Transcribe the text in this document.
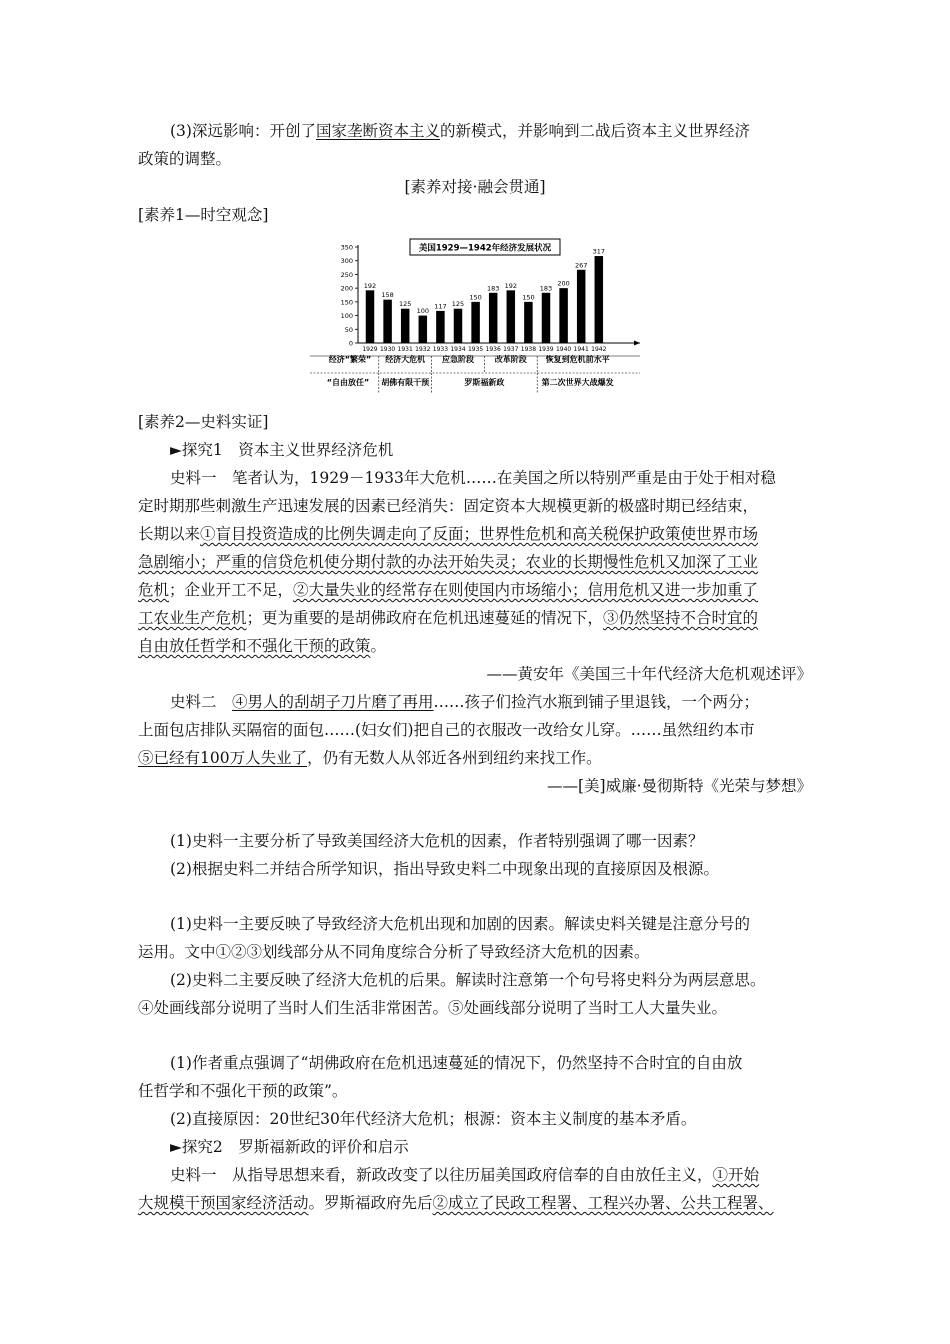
(3)深远影响：开创了国家垄断资本主义的新模式，并影响到二战后资本主义世界经济
政策的调整。
[素养对接·融会贯通]
[素养1—时空观念]
0
50
100
150
200
250
300
350
192
1929
158
1930
125
1931
100
1932
117
1933
125
1934
150
1935
183
1936
192
1937
150
1938
183
1939
200
1940
267
1941
317
1942
美国1929—1942年经济发展状况
经济“繁荣” 经济大危机 应急阶段	改革阶段 恢复到危机前水平
“自由放任” 胡佛有限干预	罗斯福新政	第二次世界大战爆发
[素养2—史料实证]
►探究1　资本主义世界经济危机
史料一　笔者认为，1929－1933年大危机……在美国之所以特别严重是由于处于相对稳
定时期那些刺激生产迅速发展的因素已经消失：固定资本大规模更新的极盛时期已经结束，
长期以来①盲目投资造成的比例失调走向了反面；世界性危机和高关税保护政策使世界市场
急剧缩小；严重的信贷危机使分期付款的办法开始失灵；农业的长期慢性危机又加深了工业
危机；企业开工不足，②大量失业的经常存在则使国内市场缩小；信用危机又进一步加重了
工农业生产危机；更为重要的是胡佛政府在危机迅速蔓延的情况下，③仍然坚持不合时宜的
自由放任哲学和不强化干预的政策。
——黄安年《美国三十年代经济大危机观述评》
史料二　④男人的刮胡子刀片磨了再用……孩子们捡汽水瓶到铺子里退钱，一个两分；
上面包店排队买隔宿的面包……(妇女们)把自己的衣服改一改给女儿穿。……虽然纽约本市
⑤已经有100万人失业了，仍有无数人从邻近各州到纽约来找工作。
——[美]威廉·曼彻斯特《光荣与梦想》
(1)史料一主要分析了导致美国经济大危机的因素，作者特别强调了哪一因素？
(2)根据史料二并结合所学知识，指出导致史料二中现象出现的直接原因及根源。
(1)史料一主要反映了导致经济大危机出现和加剧的因素。解读史料关键是注意分号的
运用。文中①②③划线部分从不同角度综合分析了导致经济大危机的因素。
(2)史料二主要反映了经济大危机的后果。解读时注意第一个句号将史料分为两层意思。
④处画线部分说明了当时人们生活非常困苦。⑤处画线部分说明了当时工人大量失业。
(1)作者重点强调了“胡佛政府在危机迅速蔓延的情况下，仍然坚持不合时宜的自由放
任哲学和不强化干预的政策”。
(2)直接原因：20世纪30年代经济大危机；根源：资本主义制度的基本矛盾。
►探究2　罗斯福新政的评价和启示
史料一　从指导思想来看，新政改变了以往历届美国政府信奉的自由放任主义，①开始
大规模干预国家经济活动。罗斯福政府先后②成立了民政工程署、工程兴办署、公共工程署、
